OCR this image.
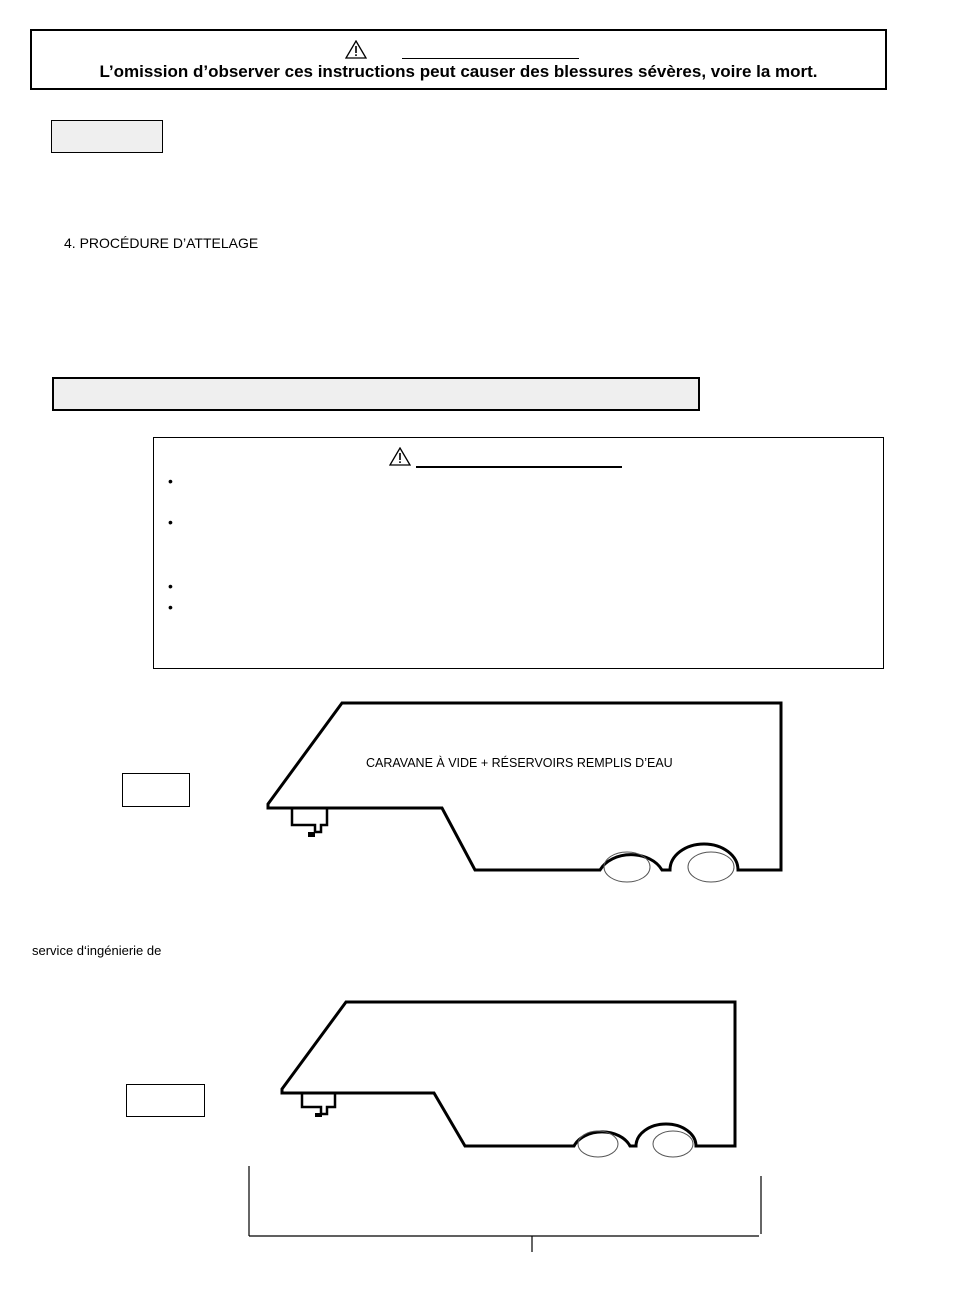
L’omission d’observer ces instructions peut causer des blessures sévères, voire la mort.
4. PROCÉDURE D’ATTELAGE
•
•
•
•
CARAVANE À VIDE + RÉSERVOIRS REMPLIS D’EAU
service d‘ingénierie de
